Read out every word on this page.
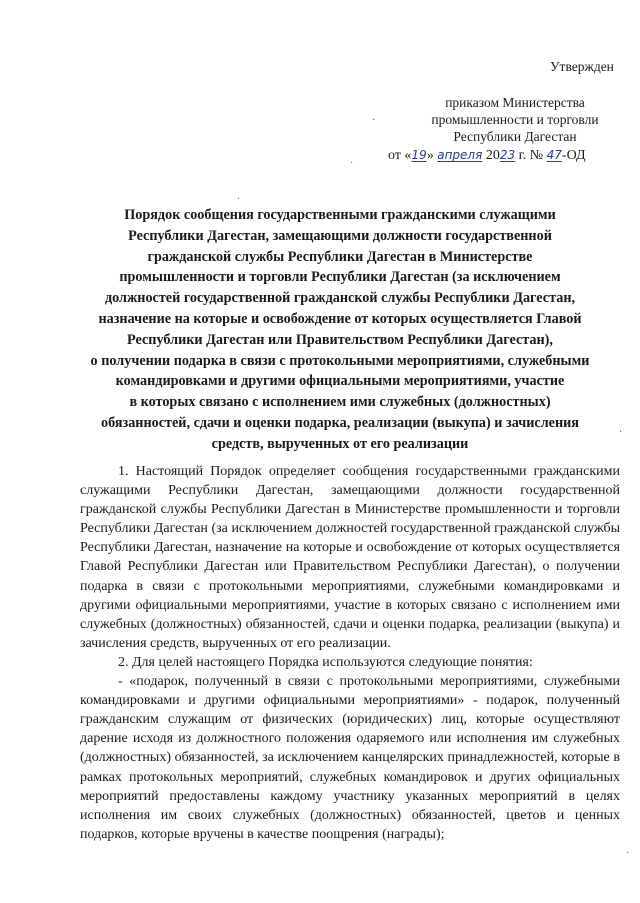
Утвержден
приказом Министерства
промышленности и торговли
Республики Дагестан
от «19» апреля 2023 г. № 47-ОД
Порядок сообщения государственными гражданскими служащими
Республики Дагестан, замещающими должности государственной
гражданской службы Республики Дагестан в Министерстве
промышленности и торговли Республики Дагестан (за исключением
должностей государственной гражданской службы Республики Дагестан,
назначение на которые и освобождение от которых осуществляется Главой
Республики Дагестан или Правительством Республики Дагестан),
о получении подарка в связи с протокольными мероприятиями, служебными
командировками и другими официальными мероприятиями, участие
в которых связано с исполнением ими служебных (должностных)
обязанностей, сдачи и оценки подарка, реализации (выкупа) и зачисления
средств, вырученных от его реализации

1. Настоящий Порядок определяет сообщения государственными гражданскими служащими Республики Дагестан, замещающими должности государственной гражданской службы Республики Дагестан в Министерстве промышленности и торговли Республики Дагестан (за исключением должностей государственной гражданской службы Республики Дагестан, назначение на которые и освобождение от которых осуществляется Главой Республики Дагестан или Правительством Республики Дагестан), о получении подарка в связи с протокольными мероприятиями, служебными командировками и другими официальными мероприятиями, участие в которых связано с исполнением ими служебных (должностных) обязанностей, сдачи и оценки подарка, реализации (выкупа) и зачисления средств, вырученных от его реализации.

2. Для целей настоящего Порядка используются следующие понятия:

- «подарок, полученный в связи с протокольными мероприятиями, служебными командировками и другими официальными мероприятиями» - подарок, полученный гражданским служащим от физических (юридических) лиц, которые осуществляют дарение исходя из должностного положения одаряемого или исполнения им служебных (должностных) обязанностей, за исключением канцелярских принадлежностей, которые в рамках протокольных мероприятий, служебных командировок и других официальных мероприятий предоставлены каждому участнику указанных мероприятий в целях исполнения им своих служебных (должностных) обязанностей, цветов и ценных подарков, которые вручены в качестве поощрения (награды);

·
·
·
·
·
